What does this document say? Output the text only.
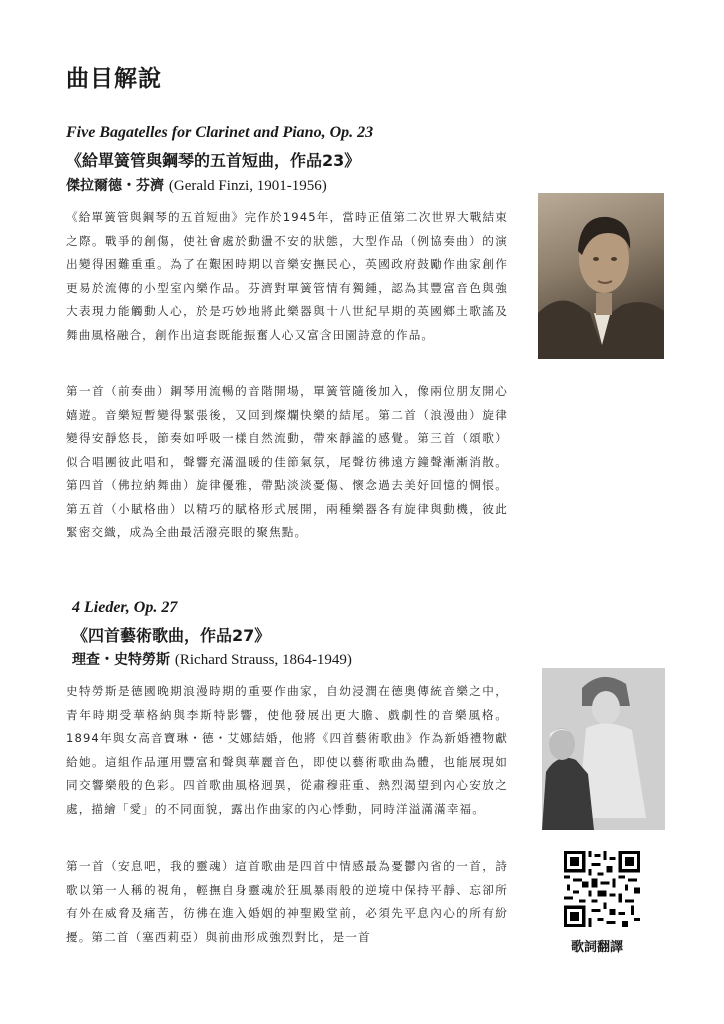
曲目解說
Five Bagatelles for Clarinet and Piano, Op. 23
《給單簧管與鋼琴的五首短曲，作品23》
傑拉爾德・芬濟 (Gerald Finzi, 1901-1956)

《給單簧管與鋼琴的五首短曲》完作於1945年，當時正值第二次世界大戰結束之際。戰爭的創傷，使社會處於動盪不安的狀態，大型作品（例協奏曲）的演出變得困難重重。為了在艱困時期以音樂安撫民心，英國政府鼓勵作曲家創作更易於流傳的小型室內樂作品。芬濟對單簧管情有獨鍾，認為其豐富音色與強大表現力能觸動人心，於是巧妙地將此樂器與十八世紀早期的英國鄉土歌謠及舞曲風格融合，創作出這套既能振奮人心又富含田園詩意的作品。

第一首（前奏曲）鋼琴用流暢的音階開場，單簧管隨後加入，像兩位朋友開心嬉遊。音樂短暫變得緊張後，又回到燦爛快樂的結尾。第二首（浪漫曲）旋律變得安靜悠長，節奏如呼吸一樣自然流動，帶來靜謐的感覺。第三首（頌歌）似合唱團彼此唱和，聲響充滿溫暖的佳節氣氛，尾聲彷彿遠方鐘聲漸漸消散。第四首（佛拉納舞曲）旋律優雅，帶點淡淡憂傷、懷念過去美好回憶的惆悵。第五首（小賦格曲）以精巧的賦格形式展開，兩種樂器各有旋律與動機，彼此緊密交織，成為全曲最活潑亮眼的聚焦點。

4 Lieder, Op. 27
《四首藝術歌曲，作品27》
理查・史特勞斯 (Richard Strauss, 1864-1949)

史特勞斯是德國晚期浪漫時期的重要作曲家，自幼浸潤在德奧傳統音樂之中，青年時期受華格納與李斯特影響，使他發展出更大膽、戲劇性的音樂風格。1894年與女高音寶琳・德・艾娜結婚，他將《四首藝術歌曲》作為新婚禮物獻給她。這組作品運用豐富和聲與華麗音色，即使以藝術歌曲為體，也能展現如同交響樂般的色彩。四首歌曲風格迥異，從肅穆莊重、熱烈渴望到內心安放之處，描繪「愛」的不同面貌，露出作曲家的內心悸動，同時洋溢滿滿幸福。

第一首（安息吧，我的靈魂）這首歌曲是四首中情感最為憂鬱內省的一首，詩歌以第一人稱的視角，輕撫自身靈魂於狂風暴雨般的逆境中保持平靜、忘卻所有外在威脅及痛苦，彷彿在進入婚姻的神聖殿堂前，必須先平息內心的所有紛擾。第二首（塞西莉亞）與前曲形成強烈對比，是一首

歌詞翻譯
